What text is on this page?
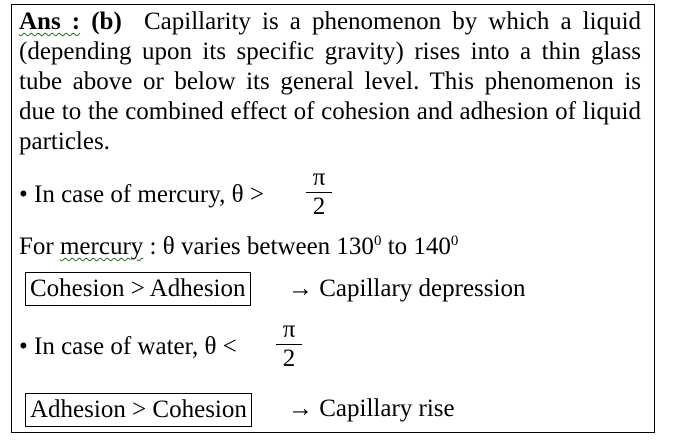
Ans : (b) Capillarity is a phenomenon by which a liquid (depending upon its specific gravity) rises into a thin glass tube above or below its general level. This phenomenon is due to the combined effect of cohesion and adhesion of liquid particles.
• In case of mercury, θ >
π
2
For mercury : θ varies between $130^0$ to $140^0$
Cohesion > Adhesion → Capillary depression
• In case of water, θ <
π
2
Adhesion > Cohesion → Capillary rise
